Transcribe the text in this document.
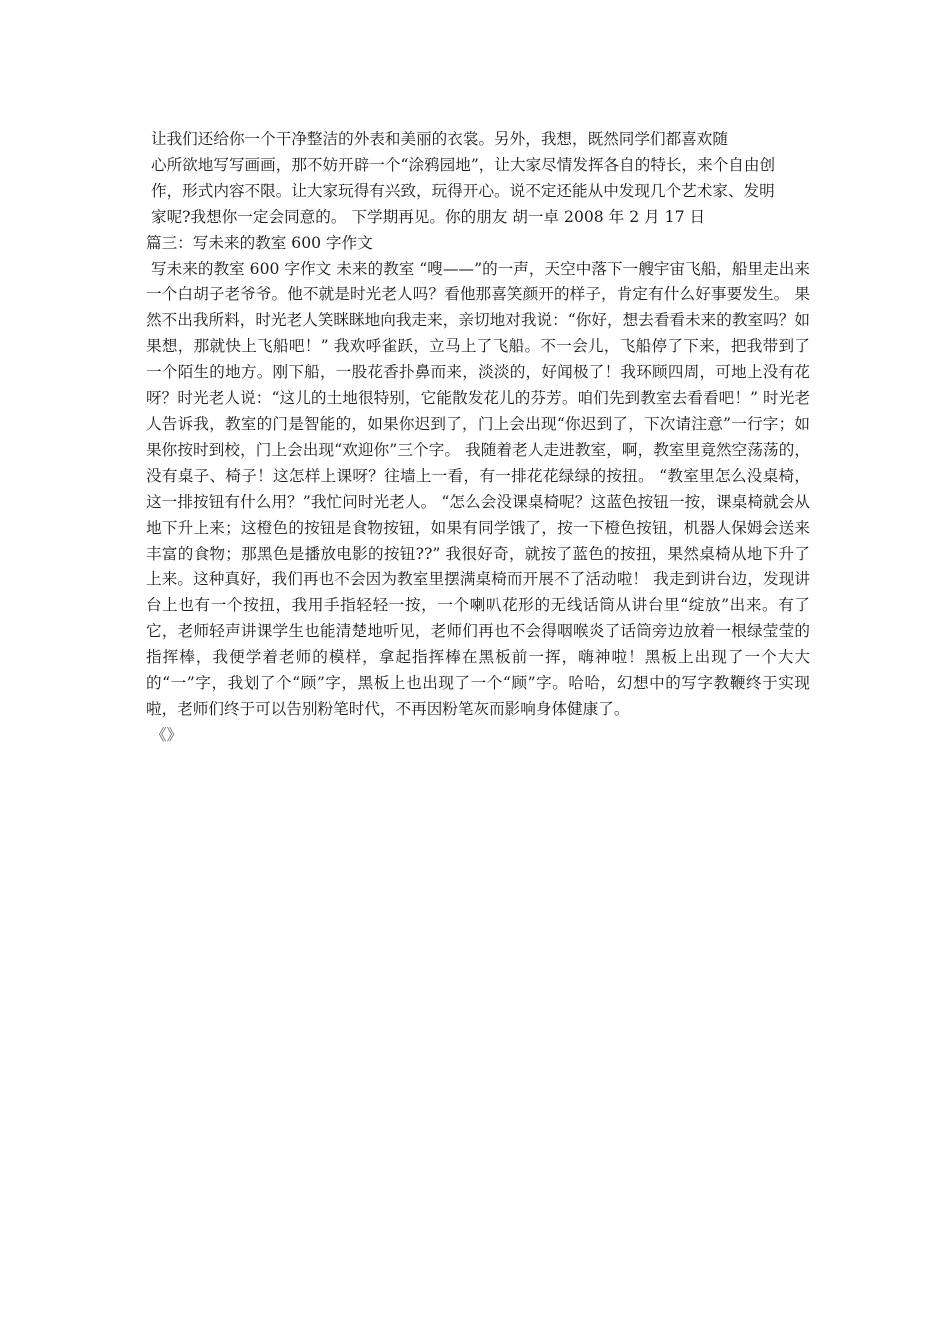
让我们还给你一个干净整洁的外表和美丽的衣裳。另外，我想，既然同学们都喜欢随
心所欲地写写画画，那不妨开辟一个“涂鸦园地”，让大家尽情发挥各自的特长，来个自由创
作，形式内容不限。让大家玩得有兴致，玩得开心。说不定还能从中发现几个艺术家、发明
家呢?我想你一定会同意的。 下学期再见。你的朋友 胡一卓 2008 年 2 月 17 日
篇三：写未来的教室 600 字作文
写未来的教室 600 字作文 未来的教室 “嗖——”的一声，天空中落下一艘宇宙飞船，船里走出来一个白胡子老爷爷。他不就是时光老人吗？看他那喜笑颜开的样子，肯定有什么好事要发生。 果然不出我所料，时光老人笑眯眯地向我走来，亲切地对我说：“你好，想去看看未来的教室吗？如果想，那就快上飞船吧！” 我欢呼雀跃，立马上了飞船。不一会儿，飞船停了下来，把我带到了一个陌生的地方。刚下船，一股花香扑鼻而来，淡淡的，好闻极了！我环顾四周，可地上没有花呀？时光老人说：“这儿的土地很特别，它能散发花儿的芬芳。咱们先到教室去看看吧！” 时光老人告诉我，教室的门是智能的，如果你迟到了，门上会出现“你迟到了，下次请注意”一行字；如果你按时到校，门上会出现“欢迎你”三个字。 我随着老人走进教室，啊，教室里竟然空荡荡的，没有桌子、椅子！这怎样上课呀？往墙上一看，有一排花花绿绿的按扭。 “教室里怎么没桌椅，这一排按钮有什么用？”我忙问时光老人。 “怎么会没课桌椅呢？这蓝色按钮一按，课桌椅就会从地下升上来；这橙色的按钮是食物按钮，如果有同学饿了，按一下橙色按钮，机器人保姆会送来丰富的食物；那黑色是播放电影的按钮??” 我很好奇，就按了蓝色的按扭，果然桌椅从地下升了上来。这种真好，我们再也不会因为教室里摆满桌椅而开展不了活动啦！ 我走到讲台边，发现讲台上也有一个按扭，我用手指轻轻一按，一个喇叭花形的无线话筒从讲台里“绽放”出来。有了它，老师轻声讲课学生也能清楚地听见，老师们再也不会得咽喉炎了话筒旁边放着一根绿莹莹的指挥棒，我便学着老师的模样，拿起指挥棒在黑板前一挥，嗨神啦！黑板上出现了一个大大的“一”字，我划了个“顾”字，黑板上也出现了一个“顾”字。哈哈，幻想中的写字教鞭终于实现啦，老师们终于可以告别粉笔时代，不再因粉笔灰而影响身体健康了。
《》
